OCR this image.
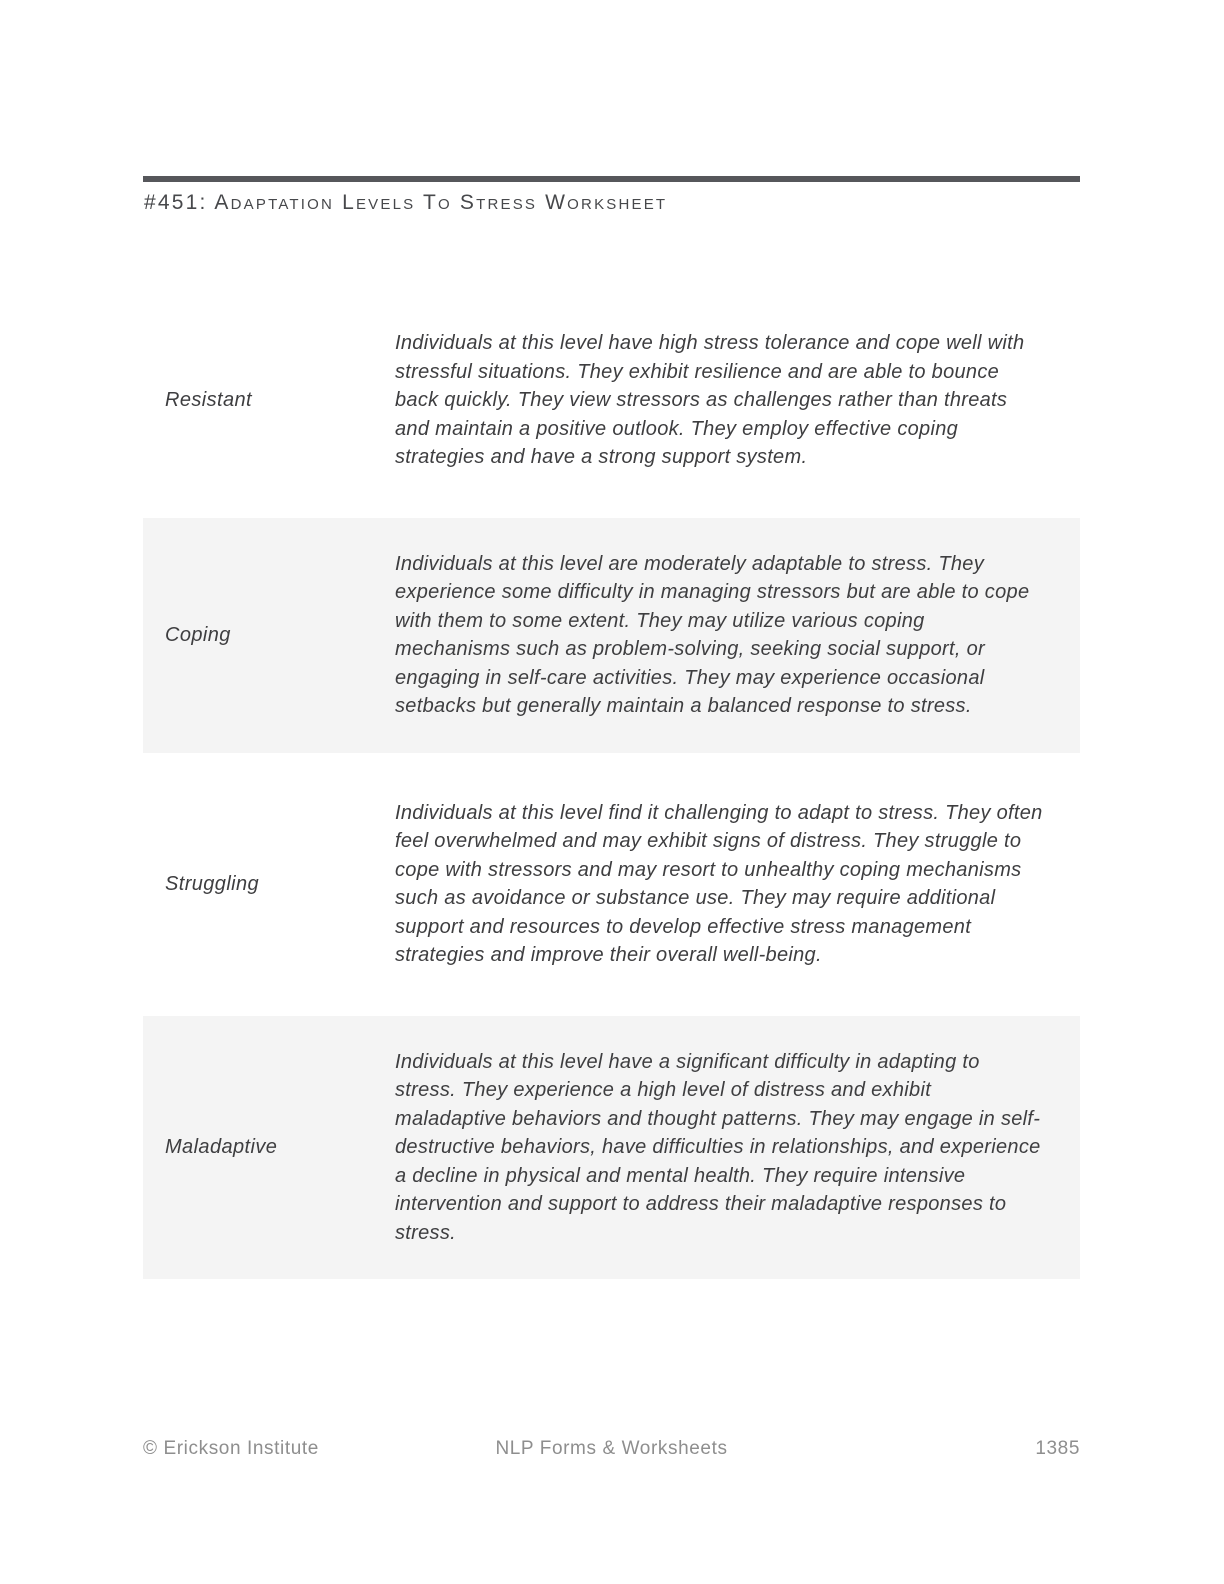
#451: Adaptation Levels To Stress Worksheet
Resistant
Individuals at this level have high stress tolerance and cope well with stressful situations. They exhibit resilience and are able to bounce back quickly. They view stressors as challenges rather than threats and maintain a positive outlook. They employ effective coping strategies and have a strong support system.
Coping
Individuals at this level are moderately adaptable to stress. They experience some difficulty in managing stressors but are able to cope with them to some extent. They may utilize various coping mechanisms such as problem-solving, seeking social support, or engaging in self-care activities. They may experience occasional setbacks but generally maintain a balanced response to stress.
Struggling
Individuals at this level find it challenging to adapt to stress. They often feel overwhelmed and may exhibit signs of distress. They struggle to cope with stressors and may resort to unhealthy coping mechanisms such as avoidance or substance use. They may require additional support and resources to develop effective stress management strategies and improve their overall well-being.
Maladaptive
Individuals at this level have a significant difficulty in adapting to stress. They experience a high level of distress and exhibit maladaptive behaviors and thought patterns. They may engage in self-destructive behaviors, have difficulties in relationships, and experience a decline in physical and mental health. They require intensive intervention and support to address their maladaptive responses to stress.
© Erickson Institute	NLP Forms & Worksheets	1385
